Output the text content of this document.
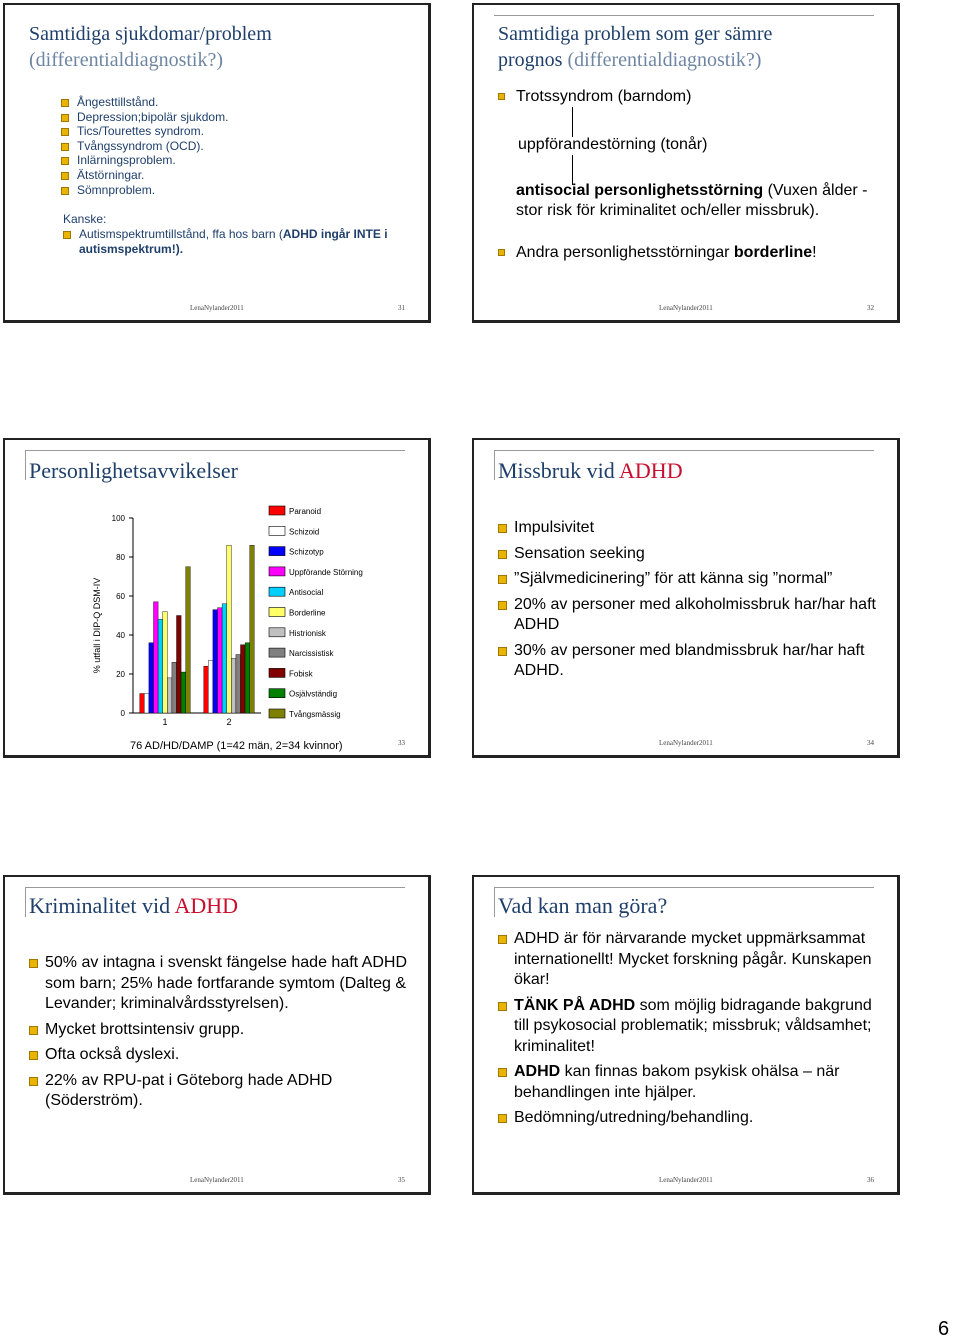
Samtidiga sjukdomar/problem
(differentialdiagnostik?)
Ångesttillstånd.
Depression;bipolär sjukdom.
Tics/Tourettes syndrom.
Tvångssyndrom (OCD).
Inlärningsproblem.
Ätstörningar.
Sömnproblem.
Kanske:
Autismspektrumtillstånd, ffa hos barn (ADHD ingår INTE i autismspektrum!).
LenaNylander2011	31
Samtidiga problem som ger sämre
prognos (differentialdiagnostik?)
Trotssyndrom (barndom)
uppförandestörning (tonår)
antisocial personlighetsstörning (Vuxen ålder - stor risk för kriminalitet och/eller missbruk).
Andra personlighetsstörningar borderline!
LenaNylander2011	32
Personlighetsavvikelser
0
20
40
60
80
100
% utfall i DIP-Q DSM-IV
1	2
Paranoid
Schizoid
Schizotyp
Uppförande Störning
Antisocial
Borderline
Histrionisk
Narcissistisk
Fobisk
Osjälvständig
Tvångsmässig
76 AD/HD/DAMP (1=42 män, 2=34 kvinnor)	33
Missbruk vid ADHD
Impulsivitet
Sensation seeking
”Självmedicinering” för att känna sig ”normal”
20% av personer med alkoholmissbruk har/har haft ADHD
30% av personer med blandmissbruk har/har haft ADHD.
LenaNylander2011	34
Kriminalitet vid ADHD
50% av intagna i svenskt fängelse hade haft ADHD som barn; 25% hade fortfarande symtom (Dalteg & Levander; kriminalvårdsstyrelsen).
Mycket brottsintensiv grupp.
Ofta också dyslexi.
22% av RPU-pat i Göteborg hade ADHD (Söderström).
LenaNylander2011	35
Vad kan man göra?
ADHD är för närvarande mycket uppmärksammat internationellt! Mycket forskning pågår. Kunskapen ökar!
TÄNK PÅ ADHD som möjlig bidragande bakgrund till psykosocial problematik; missbruk; våldsamhet; kriminalitet!
ADHD kan finnas bakom psykisk ohälsa – när behandlingen inte hjälper.
Bedömning/utredning/behandling.
LenaNylander2011	36
6
